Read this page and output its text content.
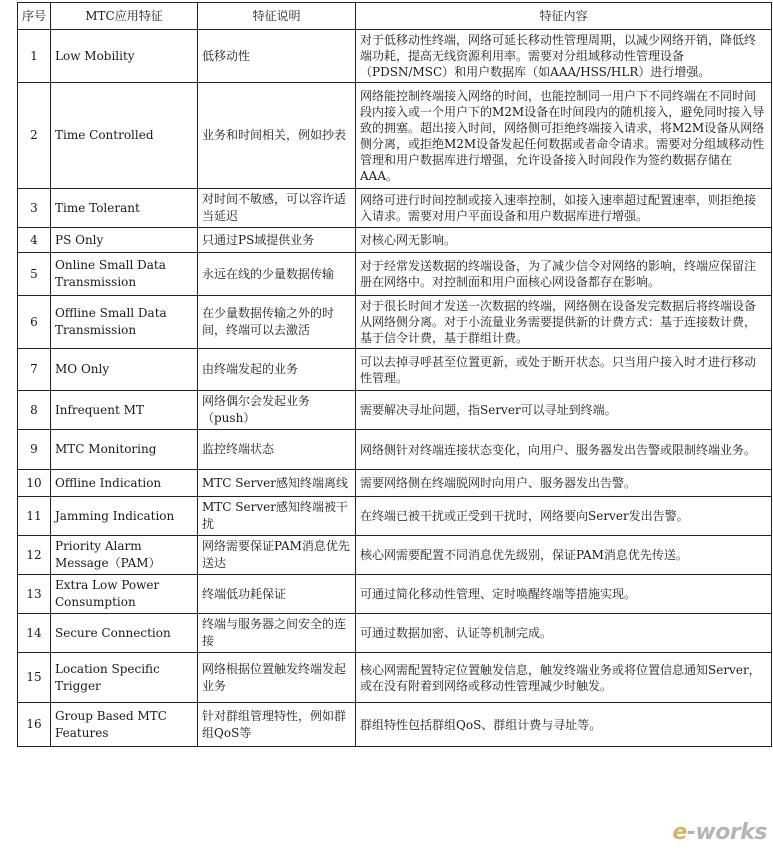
序号	MTC应用特征	特征说明	特征内容
1	Low Mobility	低移动性	对于低移动性终端，网络可延长移动性管理周期，以减少网络开销，降低终端功耗，提高无线资源利用率。需要对分组域移动性管理设备（PDSN/MSC）和用户数据库（如AAA/HSS/HLR）进行增强。
2	Time Controlled	业务和时间相关，例如抄表	网络能控制终端接入网络的时间，也能控制同一用户下不同终端在不同时间段内接入或一个用户下的M2M设备在时间段内的随机接入，避免同时接入导致的拥塞。超出接入时间，网络侧可拒绝终端接入请求，将M2M设备从网络侧分离，或拒绝M2M设备发起任何数据或者命令请求。需要对分组域移动性管理和用户数据库进行增强，允许设备接入时间段作为签约数据存储在AAA。
3	Time Tolerant	对时间不敏感，可以容许适当延迟	网络可进行时间控制或接入速率控制，如接入速率超过配置速率，则拒绝接入请求。需要对用户平面设备和用户数据库进行增强。
4	PS Only	只通过PS域提供业务	对核心网无影响。
5	Online Small Data Transmission	永远在线的少量数据传输	对于经常发送数据的终端设备，为了减少信令对网络的影响，终端应保留注册在网络中。对控制面和用户面核心网设备都存在影响。
6	Offline Small Data Transmission	在少量数据传输之外的时间，终端可以去激活	对于很长时间才发送一次数据的终端，网络侧在设备发完数据后将终端设备从网络侧分离。对于小流量业务需要提供新的计费方式：基于连接数计费，基于信令计费，基于群组计费。
7	MO Only	由终端发起的业务	可以去掉寻呼甚至位置更新，或处于断开状态。只当用户接入时才进行移动性管理。
8	Infrequent MT	网络偶尔会发起业务（push）	需要解决寻址问题，指Server可以寻址到终端。
9	MTC Monitoring	监控终端状态	网络侧针对终端连接状态变化，向用户、服务器发出告警或限制终端业务。
10	Offline Indication	MTC Server感知终端离线	需要网络侧在终端脱网时向用户、服务器发出告警。
11	Jamming Indication	MTC Server感知终端被干扰	在终端已被干扰或正受到干扰时，网络要向Server发出告警。
12	Priority Alarm Message（PAM）	网络需要保证PAM消息优先送达	核心网需要配置不同消息优先级别，保证PAM消息优先传送。
13	Extra Low Power Consumption	终端低功耗保证	可通过简化移动性管理、定时唤醒终端等措施实现。
14	Secure Connection	终端与服务器之间安全的连接	可通过数据加密、认证等机制完成。
15	Location Specific Trigger	网络根据位置触发终端发起业务	核心网需配置特定位置触发信息，触发终端业务或将位置信息通知Server，或在没有附着到网络或移动性管理减少时触发。
16	Group Based MTC Features	针对群组管理特性，例如群组QoS等	群组特性包括群组QoS、群组计费与寻址等。
e-works
